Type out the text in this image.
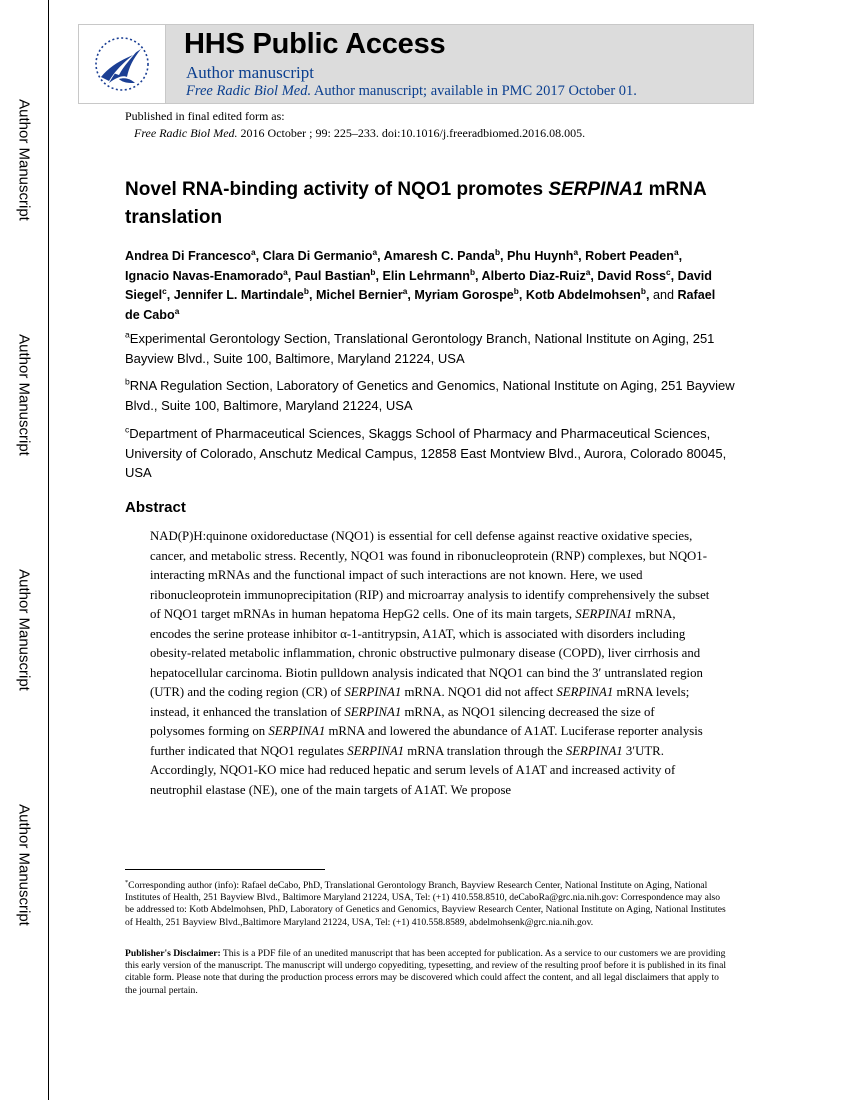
Author Manuscript
Author Manuscript
Author Manuscript
Author Manuscript
HHS Public Access
Author manuscript
Free Radic Biol Med. Author manuscript; available in PMC 2017 October 01.
Published in final edited form as:
Free Radic Biol Med. 2016 October ; 99: 225–233. doi:10.1016/j.freeradbiomed.2016.08.005.
Novel RNA-binding activity of NQO1 promotes SERPINA1 mRNA translation
Andrea Di Francesco$^a$, Clara Di Germanio$^a$, Amaresh C. Panda$^b$, Phu Huynh$^a$, Robert Peaden$^a$, Ignacio Navas-Enamorado$^a$, Paul Bastian$^b$, Elin Lehrmann$^b$, Alberto Diaz-Ruiz$^a$, David Ross$^c$, David Siegel$^c$, Jennifer L. Martindale$^b$, Michel Bernier$^a$, Myriam Gorospe$^b$, Kotb Abdelmohsen$^b$, and Rafael de Cabo$^a$
$^a$Experimental Gerontology Section, Translational Gerontology Branch, National Institute on Aging, 251 Bayview Blvd., Suite 100, Baltimore, Maryland 21224, USA
$^b$RNA Regulation Section, Laboratory of Genetics and Genomics, National Institute on Aging, 251 Bayview Blvd., Suite 100, Baltimore, Maryland 21224, USA
$^c$Department of Pharmaceutical Sciences, Skaggs School of Pharmacy and Pharmaceutical Sciences, University of Colorado, Anschutz Medical Campus, 12858 East Montview Blvd., Aurora, Colorado 80045, USA
Abstract

NAD(P)H:quinone oxidoreductase (NQO1) is essential for cell defense against reactive oxidative species, cancer, and metabolic stress. Recently, NQO1 was found in ribonucleoprotein (RNP) complexes, but NQO1-interacting mRNAs and the functional impact of such interactions are not known. Here, we used ribonucleoprotein immunoprecipitation (RIP) and microarray analysis to identify comprehensively the subset of NQO1 target mRNAs in human hepatoma HepG2 cells. One of its main targets, SERPINA1 mRNA, encodes the serine protease inhibitor α-1-antitrypsin, A1AT, which is associated with disorders including obesity-related metabolic inflammation, chronic obstructive pulmonary disease (COPD), liver cirrhosis and hepatocellular carcinoma. Biotin pulldown analysis indicated that NQO1 can bind the 3′ untranslated region (UTR) and the coding region (CR) of SERPINA1 mRNA. NQO1 did not affect SERPINA1 mRNA levels; instead, it enhanced the translation of SERPINA1 mRNA, as NQO1 silencing decreased the size of polysomes forming on SERPINA1 mRNA and lowered the abundance of A1AT. Luciferase reporter analysis further indicated that NQO1 regulates SERPINA1 mRNA translation through the SERPINA1 3′UTR. Accordingly, NQO1-KO mice had reduced hepatic and serum levels of A1AT and increased activity of neutrophil elastase (NE), one of the main targets of A1AT. We propose

*Corresponding author (info): Rafael deCabo, PhD, Translational Gerontology Branch, Bayview Research Center, National Institute on Aging, National Institutes of Health, 251 Bayview Blvd., Baltimore Maryland 21224, USA, Tel: (+1) 410.558.8510, deCaboRa@grc.nia.nih.gov: Correspondence may also be addressed to: Kotb Abdelmohsen, PhD, Laboratory of Genetics and Genomics, Bayview Research Center, National Institute on Aging, National Institutes of Health, 251 Bayview Blvd.,Baltimore Maryland 21224, USA, Tel: (+1) 410.558.8589, abdelmohsenk@grc.nia.nih.gov.
Publisher's Disclaimer: This is a PDF file of an unedited manuscript that has been accepted for publication. As a service to our customers we are providing this early version of the manuscript. The manuscript will undergo copyediting, typesetting, and review of the resulting proof before it is published in its final citable form. Please note that during the production process errors may be discovered which could affect the content, and all legal disclaimers that apply to the journal pertain.
